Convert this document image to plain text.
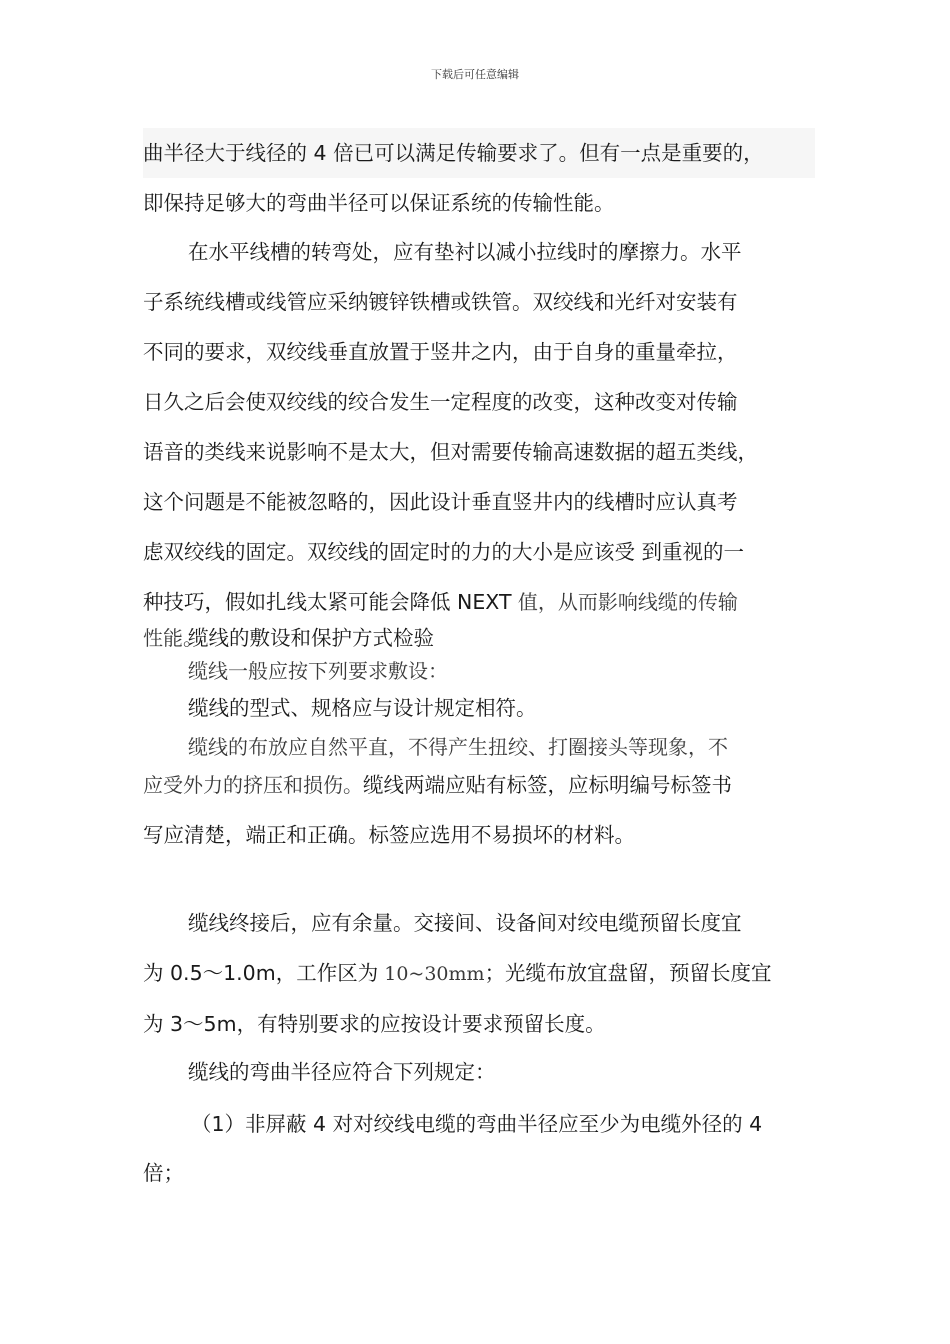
下载后可任意编辑
曲半径大于线径的 4 倍已可以满足传输要求了。但有一点是重要的，
即保持足够大的弯曲半径可以保证系统的传输性能。
在水平线槽的转弯处，应有垫衬以减小拉线时的摩擦力。水平
子系统线槽或线管应采纳镀锌铁槽或铁管。双绞线和光纤对安装有
不同的要求，双绞线垂直放置于竖井之内，由于自身的重量牵拉，
日久之后会使双绞线的绞合发生一定程度的改变，这种改变对传输
语音的类线来说影响不是太大，但对需要传输高速数据的超五类线，
这个问题是不能被忽略的，因此设计垂直竖井内的线槽时应认真考
虑双绞线的固定。双绞线的固定时的力的大小是应该受 到重视的一
种技巧，假如扎线太紧可能会降低 NEXT 值，从而影响线缆的传输
性能。
缆线的敷设和保护方式检验
缆线一般应按下列要求敷设：
缆线的型式、规格应与设计规定相符。
缆线的布放应自然平直，不得产生扭绞、打圈接头等现象，不
应受外力的挤压和损伤。缆线两端应贴有标签，应标明编号标签书
写应清楚，端正和正确。标签应选用不易损坏的材料。
缆线终接后，应有余量。交接间、设备间对绞电缆预留长度宜
为 0.5～1.0m，工作区为 10~30mm；光缆布放宜盘留，预留长度宜
为 3～5m，有特别要求的应按设计要求预留长度。
缆线的弯曲半径应符合下列规定：
（1）非屏蔽 4 对对绞线电缆的弯曲半径应至少为电缆外径的 4
倍；
